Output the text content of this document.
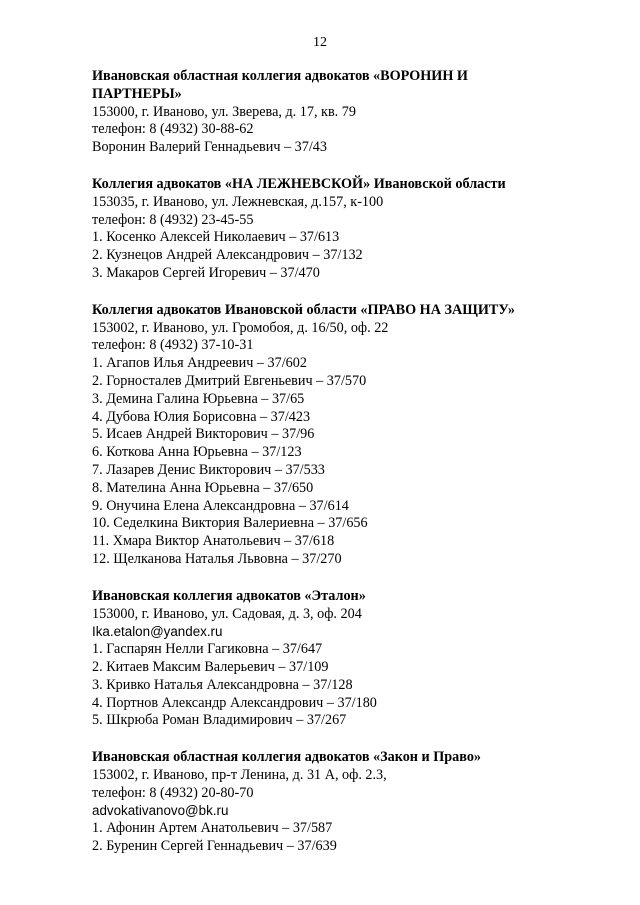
12
Ивановская областная коллегия адвокатов «ВОРОНИН И ПАРТНЕРЫ»
153000, г. Иваново, ул. Зверева, д. 17, кв. 79
телефон: 8 (4932) 30-88-62
Воронин Валерий Геннадьевич – 37/43
Коллегия адвокатов «НА ЛЕЖНЕВСКОЙ» Ивановской области
153035, г. Иваново, ул. Лежневская, д.157, к-100
телефон: 8 (4932) 23-45-55
1. Косенко Алексей Николаевич – 37/613
2. Кузнецов Андрей Александрович – 37/132
3. Макаров Сергей Игоревич – 37/470
Коллегия адвокатов Ивановской области «ПРАВО НА ЗАЩИТУ»
153002, г. Иваново, ул. Громобоя, д. 16/50, оф. 22
телефон: 8 (4932) 37-10-31
1. Агапов Илья Андреевич – 37/602
2. Горносталев Дмитрий Евгеньевич – 37/570
3. Демина Галина Юрьевна – 37/65
4. Дубова Юлия Борисовна – 37/423
5. Исаев Андрей Викторович – 37/96
6. Коткова Анна Юрьевна – 37/123
7. Лазарев Денис Викторович – 37/533
8. Мателина Анна Юрьевна – 37/650
9. Онучина Елена Александровна – 37/614
10. Седелкина Виктория Валериевна – 37/656
11. Хмара Виктор Анатольевич – 37/618
12. Щелканова Наталья Львовна – 37/270
Ивановская коллегия адвокатов «Эталон»
153000, г. Иваново, ул. Садовая, д. 3, оф. 204
Ika.etalon@yandex.ru
1. Гаспарян Нелли Гагиковна – 37/647
2. Китаев Максим Валерьевич – 37/109
3. Кривко Наталья Александровна – 37/128
4. Портнов Александр Александрович – 37/180
5. Шкрюба Роман Владимирович – 37/267
Ивановская областная коллегия адвокатов «Закон и Право»
153002, г. Иваново, пр-т Ленина, д. 31 А, оф. 2.3,
телефон: 8 (4932) 20-80-70
advokativanovo@bk.ru
1. Афонин Артем Анатольевич – 37/587
2. Буренин Сергей Геннадьевич – 37/639
